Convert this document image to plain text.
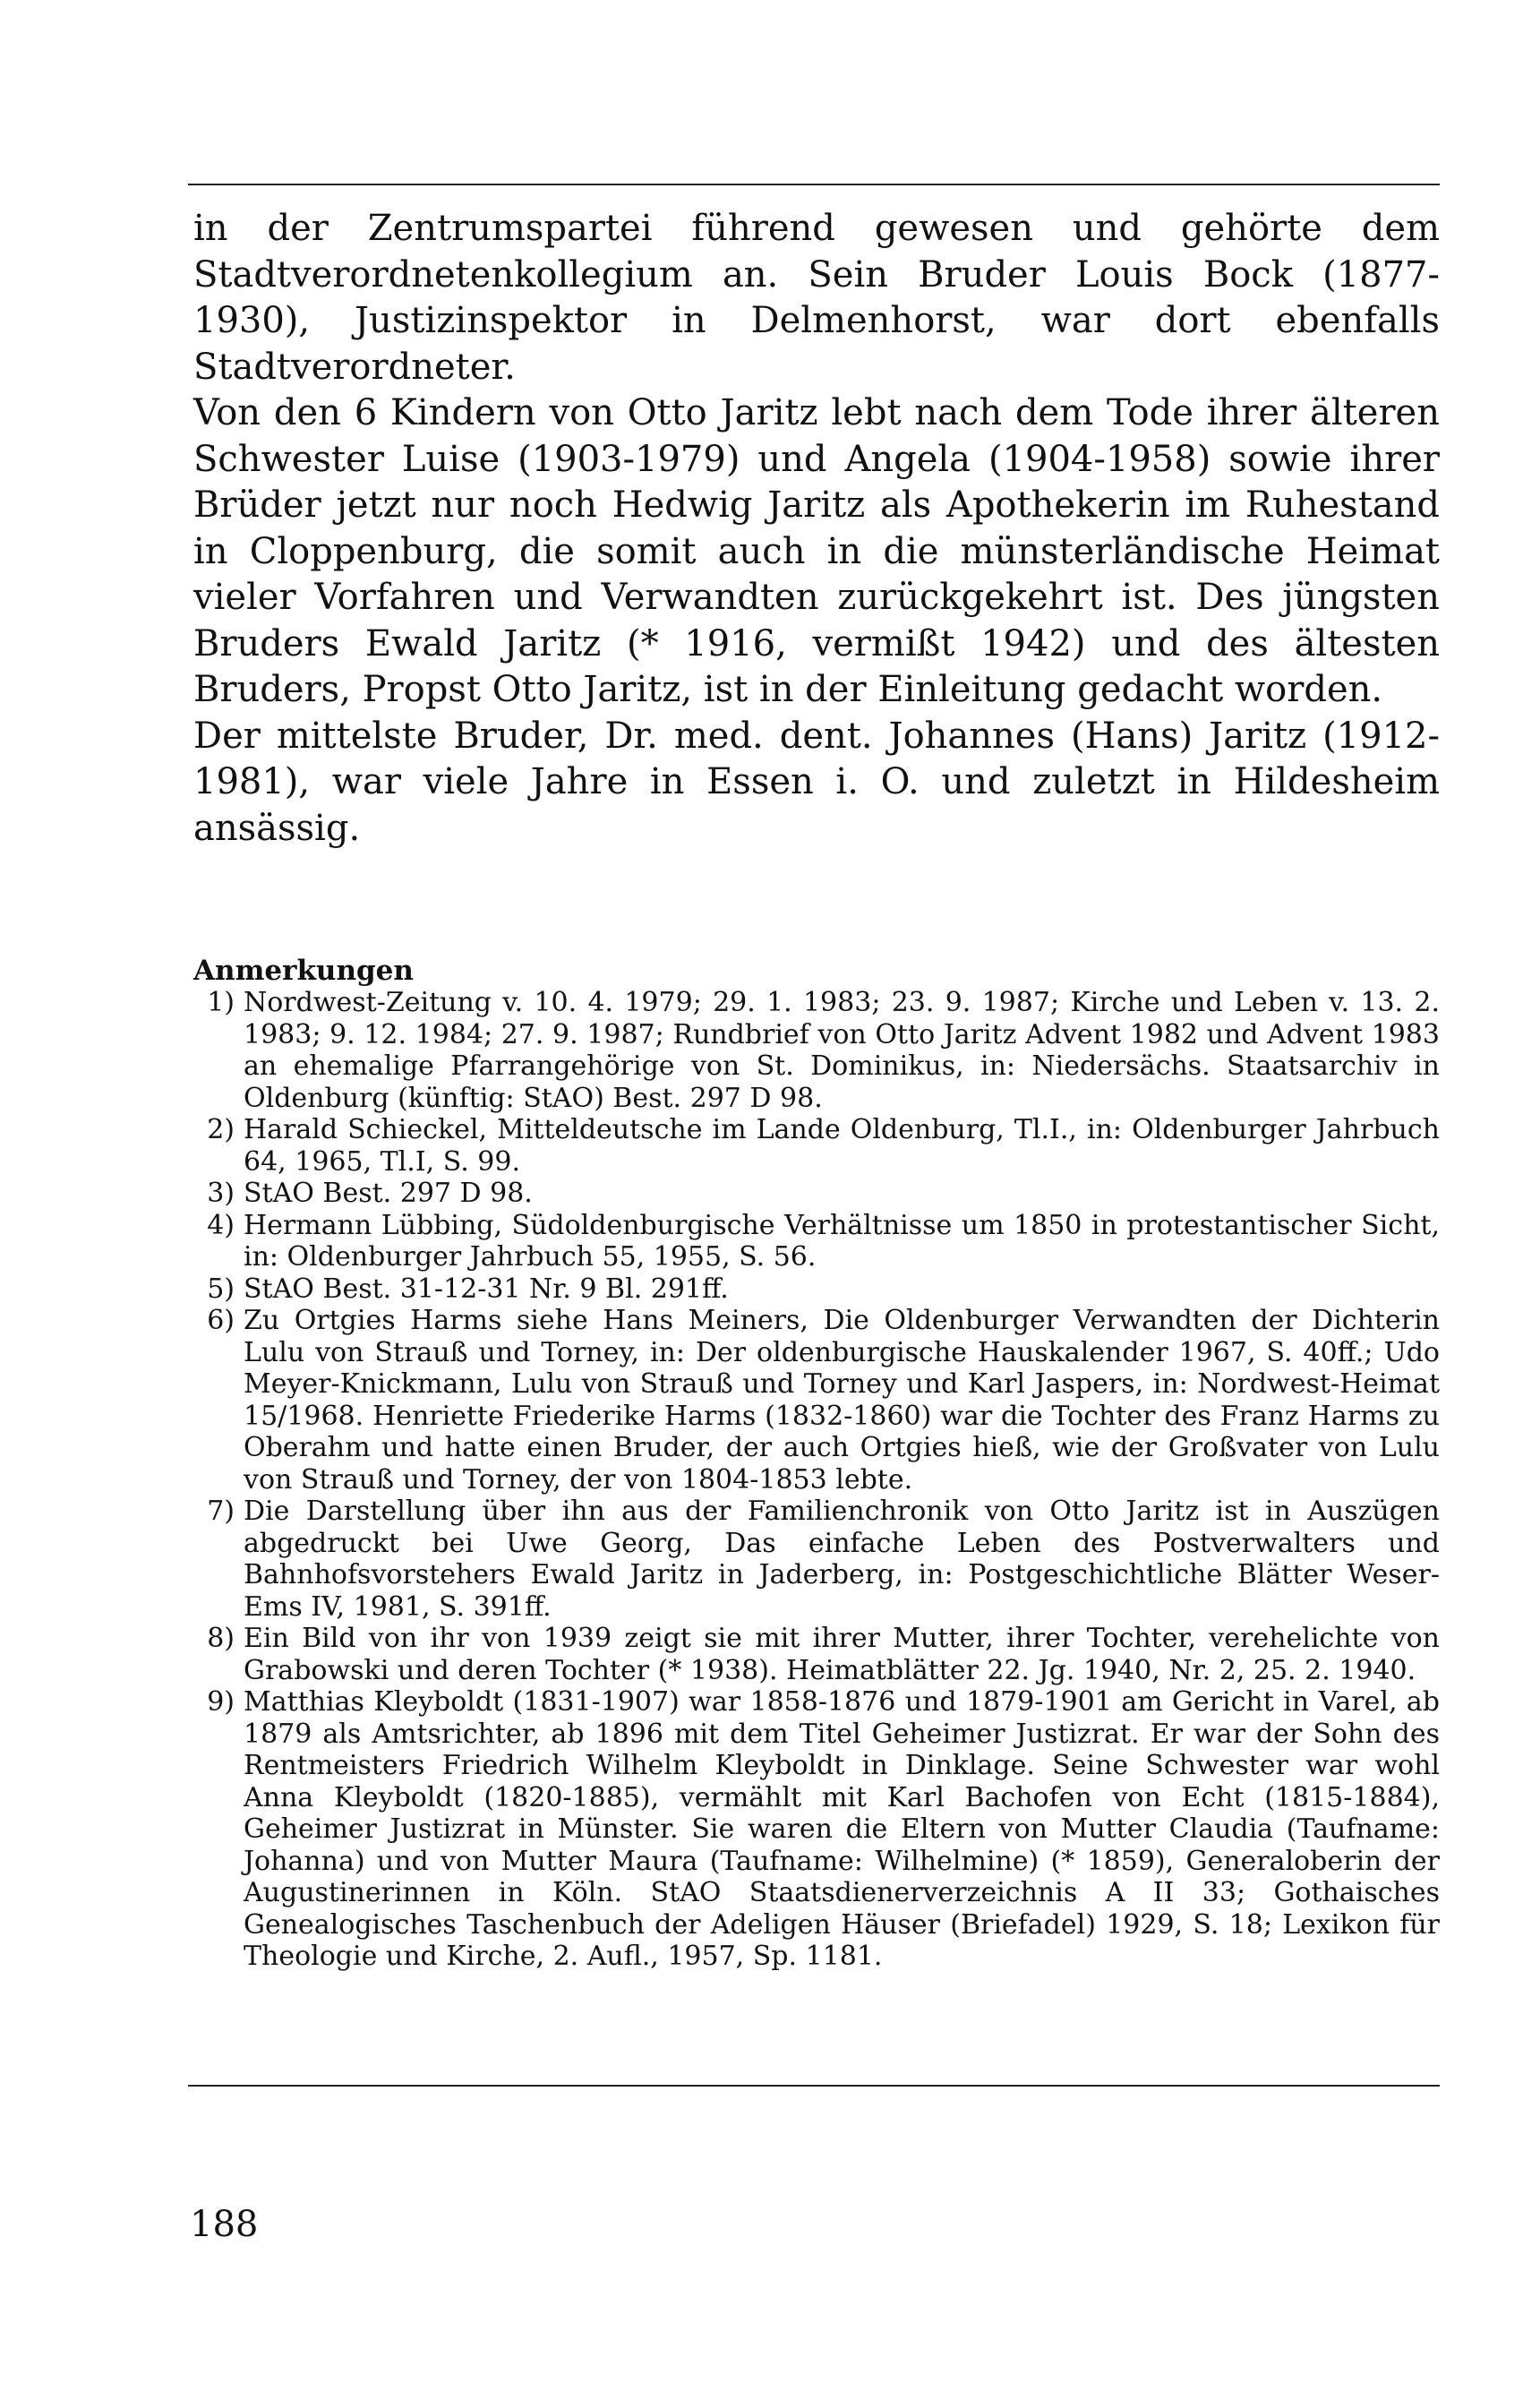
in der Zentrumspartei führend gewesen und gehörte dem Stadtverordnetenkollegium an. Sein Bruder Louis Bock (1877-1930), Justizinspektor in Delmenhorst, war dort ebenfalls Stadtverordneter.

Von den 6 Kindern von Otto Jaritz lebt nach dem Tode ihrer älteren Schwester Luise (1903-1979) und Angela (1904-1958) sowie ihrer Brüder jetzt nur noch Hedwig Jaritz als Apothekerin im Ruhestand in Cloppenburg, die somit auch in die münsterländische Heimat vieler Vorfahren und Verwandten zurückgekehrt ist. Des jüngsten Bruders Ewald Jaritz (* 1916, vermißt 1942) und des ältesten Bruders, Propst Otto Jaritz, ist in der Einleitung gedacht worden.

Der mittelste Bruder, Dr. med. dent. Johannes (Hans) Jaritz (1912-1981), war viele Jahre in Essen i. O. und zuletzt in Hildesheim ansässig.

Anmerkungen

1) Nordwest-Zeitung v. 10. 4. 1979; 29. 1. 1983; 23. 9. 1987; Kirche und Leben v. 13. 2. 1983; 9. 12. 1984; 27. 9. 1987; Rundbrief von Otto Jaritz Advent 1982 und Advent 1983 an ehemalige Pfarrangehörige von St. Dominikus, in: Niedersächs. Staatsarchiv in Oldenburg (künftig: StAO) Best. 297 D 98.
2) Harald Schieckel, Mitteldeutsche im Lande Oldenburg, Tl.I., in: Oldenburger Jahrbuch 64, 1965, Tl.I, S. 99.
3) StAO Best. 297 D 98.
4) Hermann Lübbing, Südoldenburgische Verhältnisse um 1850 in protestantischer Sicht, in: Oldenburger Jahrbuch 55, 1955, S. 56.
5) StAO Best. 31-12-31 Nr. 9 Bl. 291ff.
6) Zu Ortgies Harms siehe Hans Meiners, Die Oldenburger Verwandten der Dichterin Lulu von Strauß und Torney, in: Der oldenburgische Hauskalender 1967, S. 40ff.; Udo Meyer-Knickmann, Lulu von Strauß und Torney und Karl Jaspers, in: Nordwest-Heimat 15/1968. Henriette Friederike Harms (1832-1860) war die Tochter des Franz Harms zu Oberahm und hatte einen Bruder, der auch Ortgies hieß, wie der Großvater von Lulu von Strauß und Torney, der von 1804-1853 lebte.
7) Die Darstellung über ihn aus der Familienchronik von Otto Jaritz ist in Auszügen abgedruckt bei Uwe Georg, Das einfache Leben des Postverwalters und Bahnhofsvorstehers Ewald Jaritz in Jaderberg, in: Postgeschichtliche Blätter Weser-Ems IV, 1981, S. 391ff.
8) Ein Bild von ihr von 1939 zeigt sie mit ihrer Mutter, ihrer Tochter, verehelichte von Grabowski und deren Tochter (* 1938). Heimatblätter 22. Jg. 1940, Nr. 2, 25. 2. 1940.
9) Matthias Kleyboldt (1831-1907) war 1858-1876 und 1879-1901 am Gericht in Varel, ab 1879 als Amtsrichter, ab 1896 mit dem Titel Geheimer Justizrat. Er war der Sohn des Rentmeisters Friedrich Wilhelm Kleyboldt in Dinklage. Seine Schwester war wohl Anna Kleyboldt (1820-1885), vermählt mit Karl Bachofen von Echt (1815-1884), Geheimer Justizrat in Münster. Sie waren die Eltern von Mutter Claudia (Taufname: Johanna) und von Mutter Maura (Taufname: Wilhelmine) (* 1859), Generaloberin der Augustinerinnen in Köln. StAO Staatsdienerverzeichnis A II 33; Gothaisches Genealogisches Taschenbuch der Adeligen Häuser (Briefadel) 1929, S. 18; Lexikon für Theologie und Kirche, 2. Aufl., 1957, Sp. 1181.
188
